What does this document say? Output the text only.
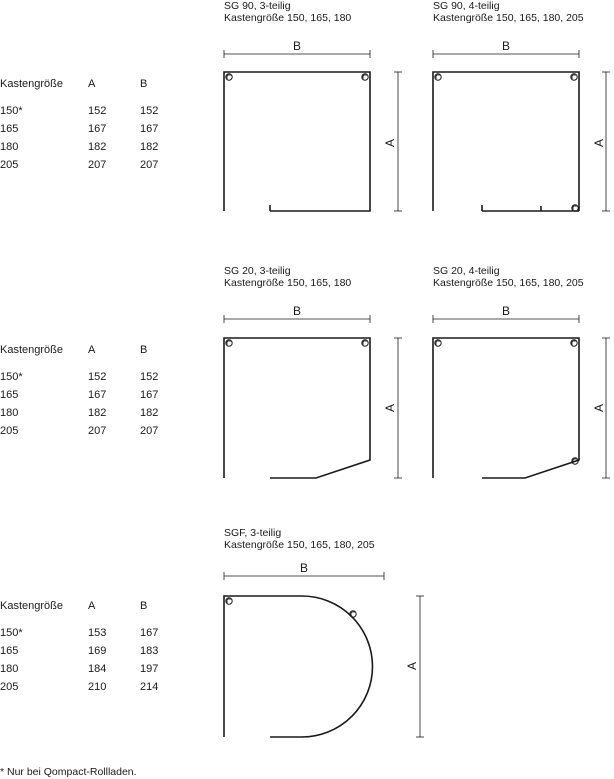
Kastengröße A	B
150*	152	152
165	167	167
180	182	182
205	207	207
Kastengröße A	B
150*	152	152
165	167	167
180	182	182
205	207	207
Kastengröße A	B
150*	153	167
165	169	183
180	184	197
205	210	214
SG 90, 3-teilig
Kastengröße 150, 165, 180
SG 90, 4-teilig
Kastengröße 150, 165, 180, 205
SG 20, 3-teilig
Kastengröße 150, 165, 180
SG 20, 4-teilig
Kastengröße 150, 165, 180, 205
SGF, 3-teilig
Kastengröße 150, 165, 180, 205
B
A
B
A
B
A
B
A
B
A
* Nur bei Qompact-Rollladen.
